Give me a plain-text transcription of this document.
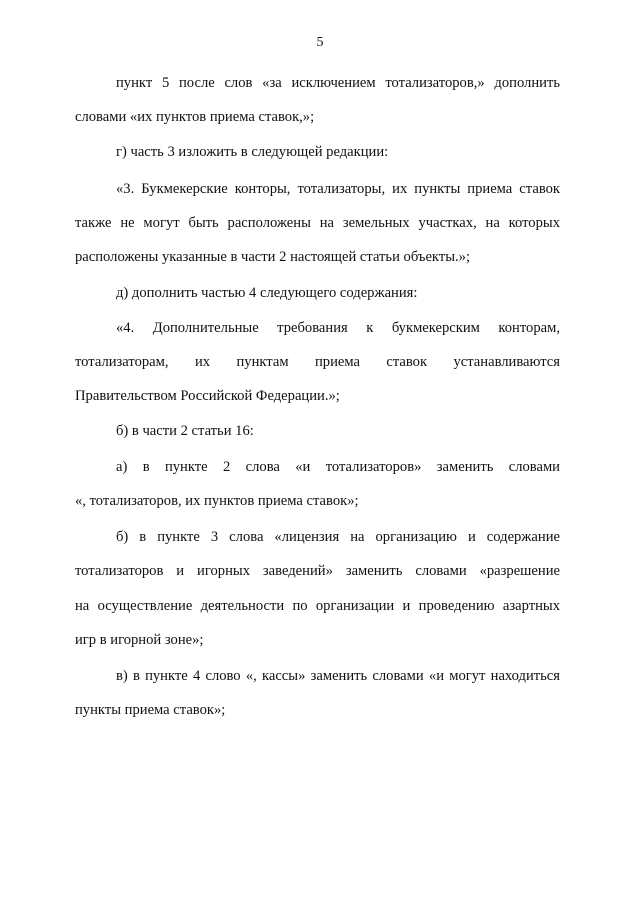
5
пункт 5 после слов «за исключением тотализаторов,» дополнить
словами «их пунктов приема ставок,»;
г) часть 3 изложить в следующей редакции:
«3. Букмекерские конторы, тотализаторы, их пункты приема ставок
также не могут быть расположены на земельных участках, на которых
расположены указанные в части 2 настоящей статьи объекты.»;
д) дополнить частью 4 следующего содержания:
«4. Дополнительные требования к букмекерским конторам,
тотализаторам, их пунктам приема ставок устанавливаются
Правительством Российской Федерации.»;
б) в части 2 статьи 16:
а) в пункте 2 слова «и тотализаторов» заменить словами
«, тотализаторов, их пунктов приема ставок»;
б) в пункте 3 слова «лицензия на организацию и содержание
тотализаторов и игорных заведений» заменить словами «разрешение
на осуществление деятельности по организации и проведению азартных
игр в игорной зоне»;
в) в пункте 4 слово «, кассы» заменить словами «и могут находиться
пункты приема ставок»;
